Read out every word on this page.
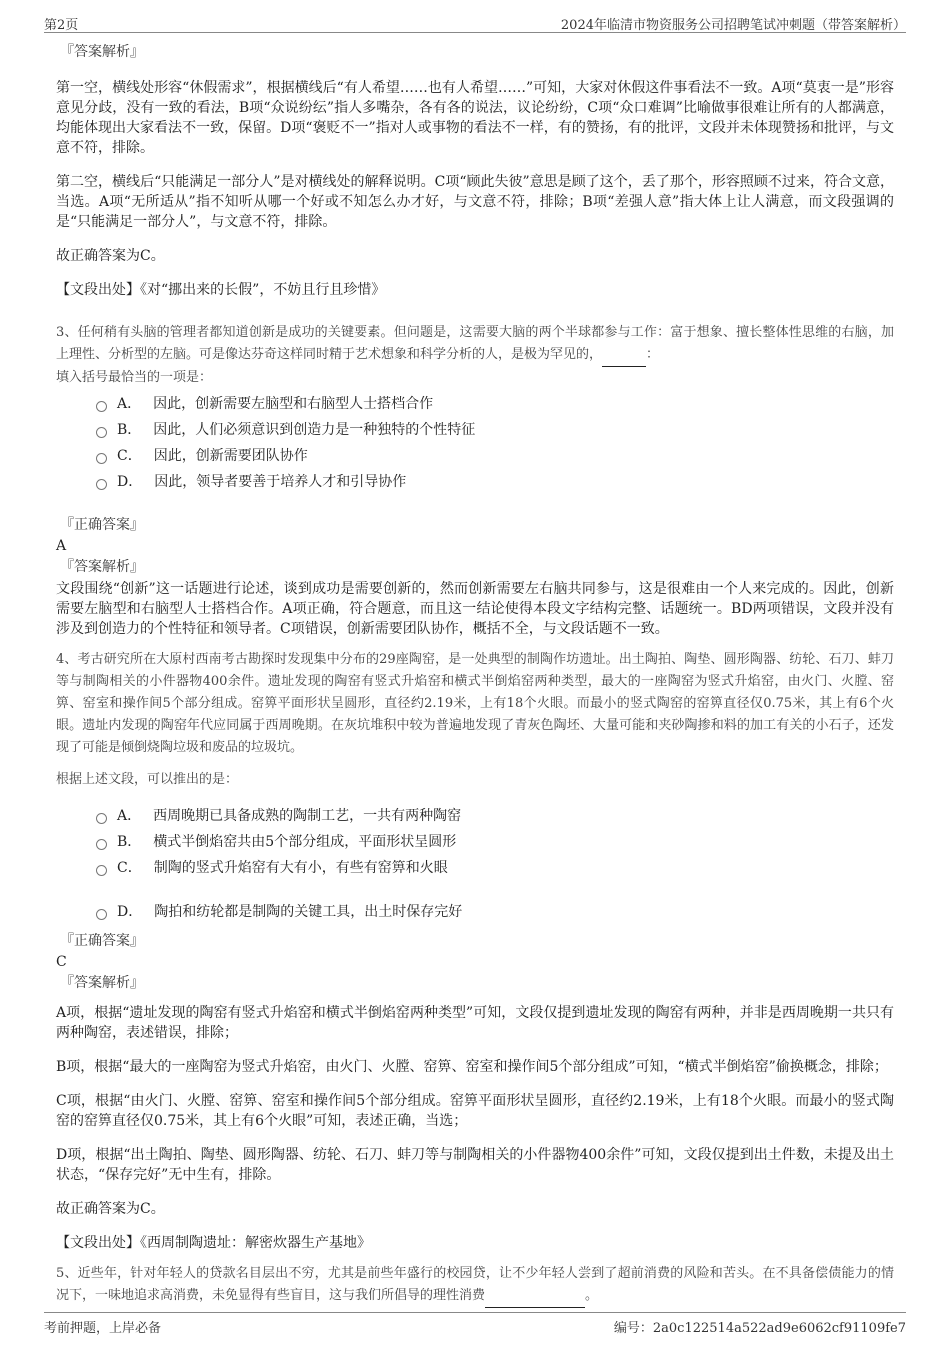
第2页	2024年临清市物资服务公司招聘笔试冲刺题（带答案解析）
『答案解析』

第一空，横线处形容“休假需求”，根据横线后“有人希望……也有人希望……”可知，大家对休假这件事看法不一致。A项“莫衷一是”形容意见分歧，没有一致的看法，B项“众说纷纭”指人多嘴杂，各有各的说法，议论纷纷，C项“众口难调”比喻做事很难让所有的人都满意，均能体现出大家看法不一致，保留。D项“褒贬不一”指对人或事物的看法不一样，有的赞扬，有的批评，文段并未体现赞扬和批评，与文意不符，排除。

第二空，横线后“只能满足一部分人”是对横线处的解释说明。C项“顾此失彼”意思是顾了这个，丢了那个，形容照顾不过来，符合文意，当选。A项“无所适从”指不知听从哪一个好或不知怎么办才好，与文意不符，排除；B项“差强人意”指大体上让人满意，而文段强调的是“只能满足一部分人”，与文意不符，排除。

故正确答案为C。

【文段出处】《对“挪出来的长假”，不妨且行且珍惜》

3、任何稍有头脑的管理者都知道创新是成功的关键要素。但问题是，这需要大脑的两个半球都参与工作：富于想象、擅长整体性思维的右脑，加上理性、分析型的左脑。可是像达芬奇这样同时精于艺术想象和科学分析的人，是极为罕见的，	：

填入括号最恰当的一项是：

A． 因此，创新需要左脑型和右脑型人士搭档合作
B． 因此，人们必须意识到创造力是一种独特的个性特征
C． 因此，创新需要团队协作
D． 因此，领导者要善于培养人才和引导协作
『正确答案』
A
『答案解析』

文段围绕“创新”这一话题进行论述，谈到成功是需要创新的，然而创新需要左右脑共同参与，这是很难由一个人来完成的。因此，创新需要左脑型和右脑型人士搭档合作。A项正确，符合题意，而且这一结论使得本段文字结构完整、话题统一。BD两项错误，文段并没有涉及到创造力的个性特征和领导者。C项错误，创新需要团队协作，概括不全，与文段话题不一致。

4、考古研究所在大原村西南考古勘探时发现集中分布的29座陶窑，是一处典型的制陶作坊遗址。出土陶拍、陶垫、圆形陶器、纺轮、石刀、蚌刀等与制陶相关的小件器物400余件。遗址发现的陶窑有竖式升焰窑和横式半倒焰窑两种类型，最大的一座陶窑为竖式升焰窑，由火门、火膛、窑箅、窑室和操作间5个部分组成。窑箅平面形状呈圆形，直径约2.19米，上有18个火眼。而最小的竖式陶窑的窑箅直径仅0.75米，其上有6个火眼。遗址内发现的陶窑年代应同属于西周晚期。在灰坑堆积中较为普遍地发现了青灰色陶坯、大量可能和夹砂陶掺和料的加工有关的小石子，还发现了可能是倾倒烧陶垃圾和废品的垃圾坑。

根据上述文段，可以推出的是：

A． 西周晚期已具备成熟的陶制工艺，一共有两种陶窑
B． 横式半倒焰窑共由5个部分组成，平面形状呈圆形
C． 制陶的竖式升焰窑有大有小，有些有窑箅和火眼
D． 陶拍和纺轮都是制陶的关键工具，出土时保存完好
『正确答案』
C
『答案解析』

A项，根据“遗址发现的陶窑有竖式升焰窑和横式半倒焰窑两种类型”可知，文段仅提到遗址发现的陶窑有两种，并非是西周晚期一共只有两种陶窑，表述错误，排除；

B项，根据“最大的一座陶窑为竖式升焰窑，由火门、火膛、窑箅、窑室和操作间5个部分组成”可知，“横式半倒焰窑”偷换概念，排除；

C项，根据“由火门、火膛、窑箅、窑室和操作间5个部分组成。窑箅平面形状呈圆形，直径约2.19米，上有18个火眼。而最小的竖式陶窑的窑箅直径仅0.75米，其上有6个火眼”可知，表述正确，当选；

D项，根据“出土陶拍、陶垫、圆形陶器、纺轮、石刀、蚌刀等与制陶相关的小件器物400余件”可知，文段仅提到出土件数，未提及出土状态，“保存完好”无中生有，排除。

故正确答案为C。

【文段出处】《西周制陶遗址：解密炊器生产基地》

5、近些年，针对年轻人的贷款名目层出不穷，尤其是前些年盛行的校园贷，让不少年轻人尝到了超前消费的风险和苦头。在不具备偿债能力的情况下，一味地追求高消费，未免显得有些盲目，这与我们所倡导的理性消费	。

考前押题，上岸必备	编号：2a0c122514a522ad9e6062cf91109fe7
